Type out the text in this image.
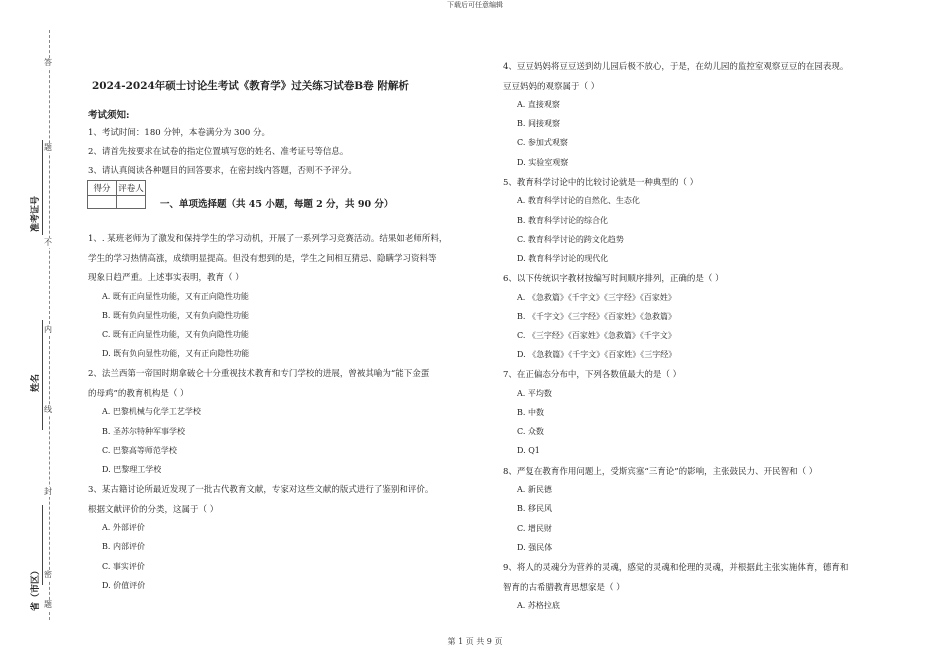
下载后可任意编辑
答
题
不
内
线
封
密
题
准考证号
姓名
省（市区）
2024-2024年硕士讨论生考试《教育学》过关练习试卷B卷 附解析
考试须知:
1、考试时间：180 分钟，本卷满分为 300 分。
2、请首先按要求在试卷的指定位置填写您的姓名、准考证号等信息。
3、请认真阅读各种题目的回答要求，在密封线内答题，否则不予评分。
得分	评卷人

一、单项选择题（共 45 小题，每题 2 分，共 90 分）
1、. 某班老师为了激发和保持学生的学习动机，开展了一系列学习竞赛活动。结果如老师所料，
学生的学习热情高涨，成绩明显提高。但没有想到的是，学生之间相互猜忌、隐瞒学习资料等
现象日趋严重。上述事实表明，教育（ ）
A. 既有正向显性功能，又有正向隐性功能
B. 既有负向显性功能，又有负向隐性功能
C. 既有正向显性功能，又有负向隐性功能
D. 既有负向显性功能，又有正向隐性功能
2、法兰西第一帝国时期拿破仑十分重视技术教育和专门学校的进展，曾被其喻为“能下金蛋
的母鸡”的教育机构是（ ）
A. 巴黎机械与化学工艺学校
B. 圣苏尔特种军事学校
C. 巴黎高等师范学校
D. 巴黎理工学校
3、某古籍讨论所最近发现了一批古代教育文献，专家对这些文献的版式进行了鉴别和评价。
根据文献评价的分类，这属于（ ）
A. 外部评价
B. 内部评价
C. 事实评价
D. 价值评价
4、豆豆妈妈将豆豆送到幼儿园后极不放心，于是，在幼儿园的监控室观察豆豆的在园表现。
豆豆妈妈的观察属于（ ）
A. 直接观察
B. 间接观察
C. 参加式观察
D. 实验室观察
5、教育科学讨论中的比较讨论就是一种典型的（ ）
A. 教育科学讨论的自然化、生态化
B. 教育科学讨论的综合化
C. 教育科学讨论的跨文化趋势
D. 教育科学讨论的现代化
6、以下传统识字教材按编写时间顺序排列，正确的是（ ）
A. 《急救篇》《千字文》《三字经》《百家姓》
B. 《千字文》《三字经》《百家姓》《急救篇》
C. 《三字经》《百家姓》《急救篇》《千字文》
D. 《急救篇》《千字文》《百家姓》《三字经》
7、在正偏态分布中，下列各数值最大的是（ ）
A. 平均数
B. 中数
C. 众数
D. Q1
8、严复在教育作用问题上，受斯宾塞“三育论”的影响，主张鼓民力、开民智和（ ）
A. 新民德
B. 移民风
C. 增民财
D. 强民体
9、将人的灵魂分为营养的灵魂，感觉的灵魂和伦理的灵魂，并根据此主张实施体育，德育和
智育的古希腊教育思想家是（ ）
A. 苏格拉底
第 1 页 共 9 页
